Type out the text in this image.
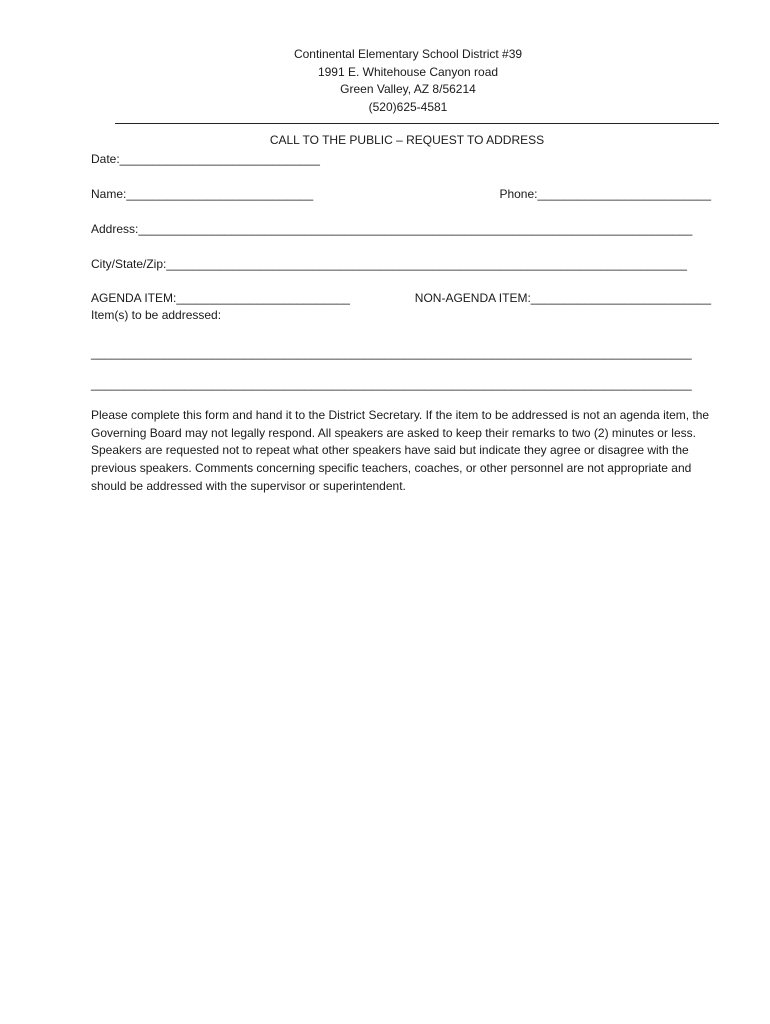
Continental Elementary School District #39
1991 E. Whitehouse Canyon road
Green Valley, AZ 8/56214
(520)625-4581
CALL TO THE PUBLIC – REQUEST TO ADDRESS
Date:______________________________
Name:____________________________	Phone:__________________________
Address:___________________________________________________________________________________
City/State/Zip:______________________________________________________________________________
AGENDA ITEM:__________________________	NON-AGENDA ITEM:___________________________
Item(s) to be addressed:
__________________________________________________________________________________________
__________________________________________________________________________________________
Please complete this form and hand it to the District Secretary. If the item to be addressed is not an agenda item, the Governing Board may not legally respond. All speakers are asked to keep their remarks to two (2) minutes or less. Speakers are requested not to repeat what other speakers have said but indicate they agree or disagree with the previous speakers. Comments concerning specific teachers, coaches, or other personnel are not appropriate and should be addressed with the supervisor or superintendent.
